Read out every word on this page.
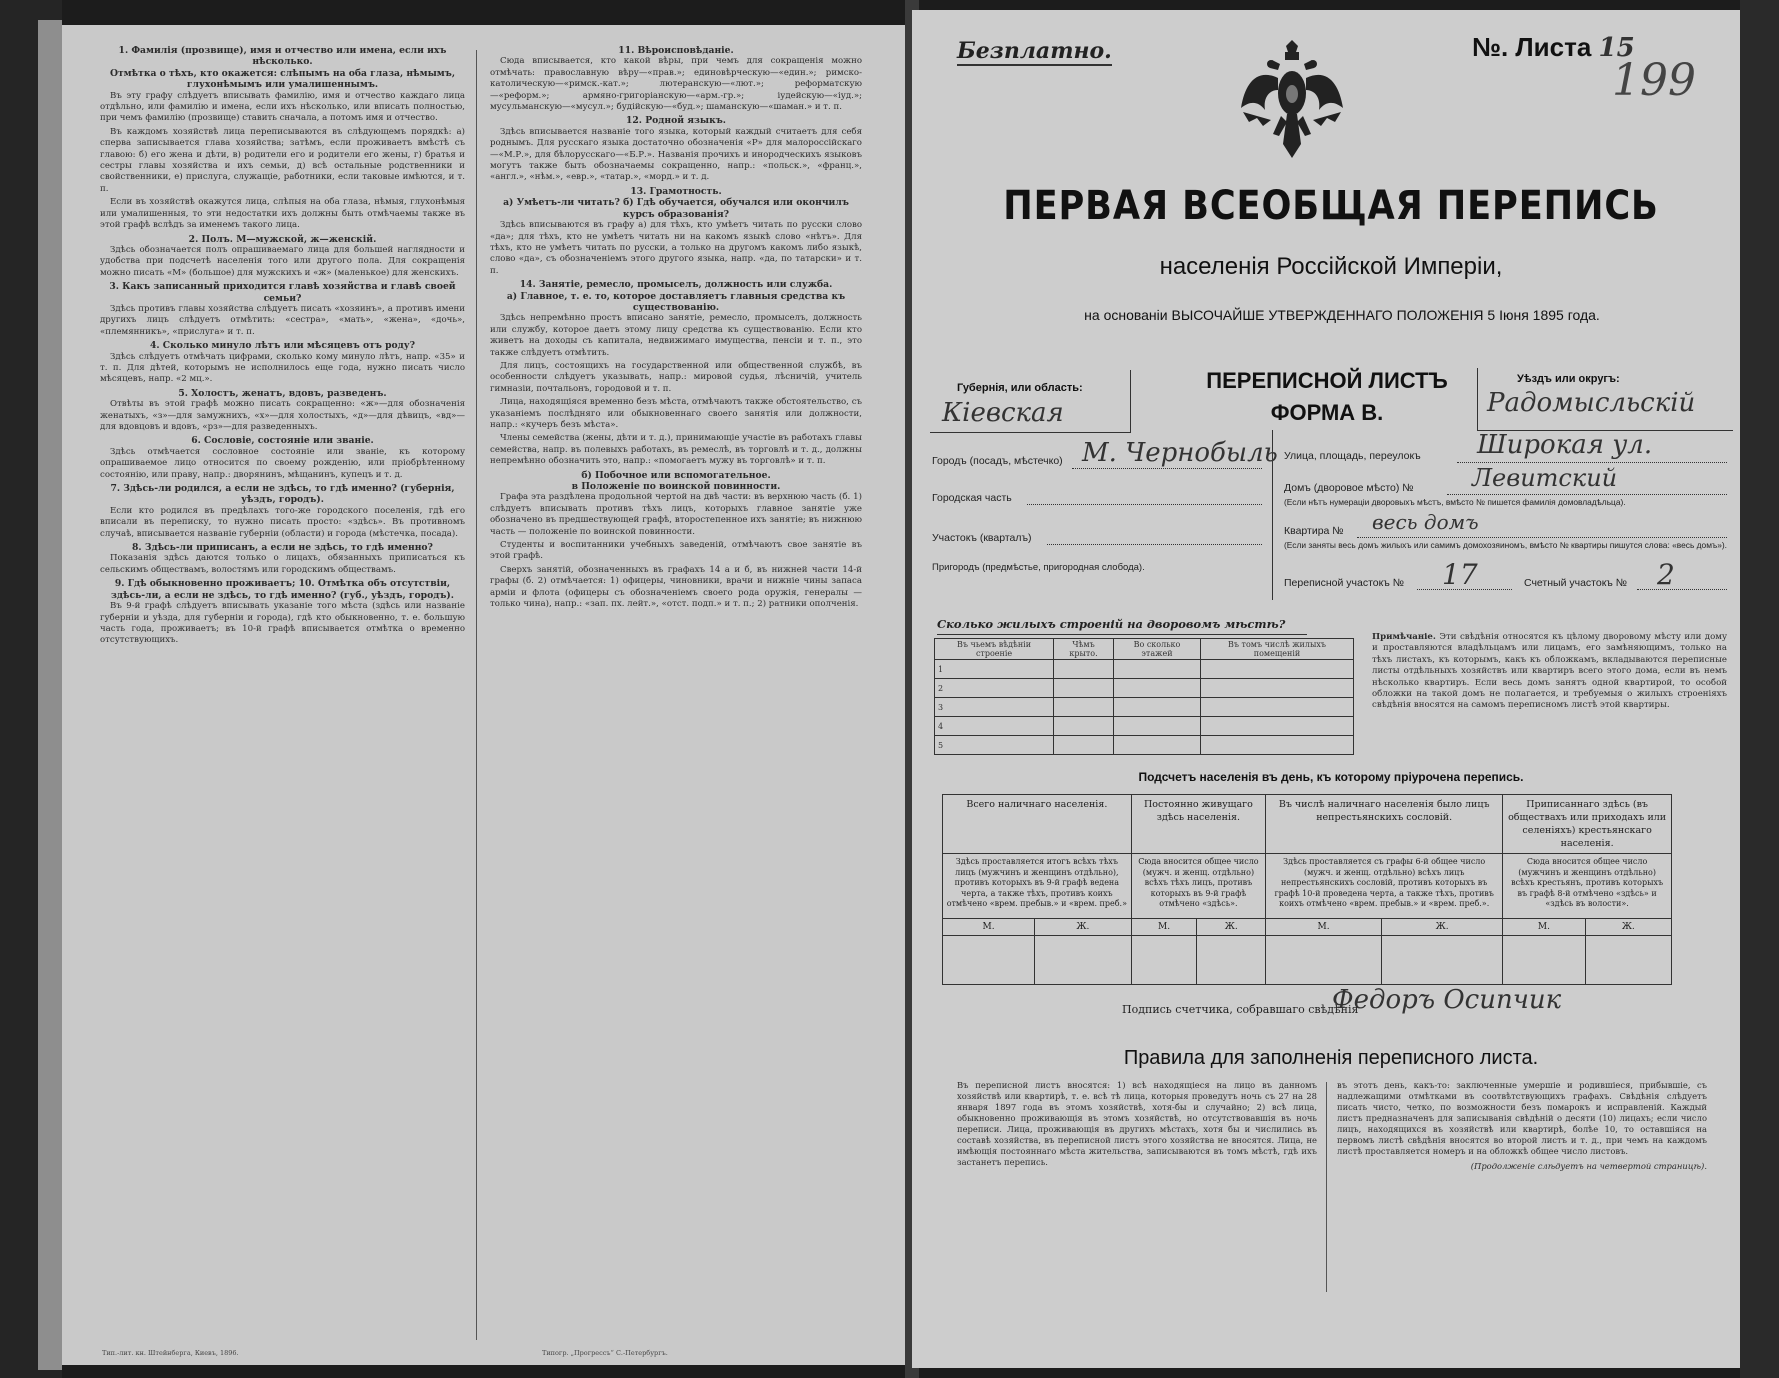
1. Фамилія (прозвище), имя и отчество или имена, если ихъ нѣсколько.
Отмѣтка о тѣхъ, кто окажется: слѣпымъ на оба глаза, нѣмымъ, глухонѣмымъ или умалишеннымъ.

Въ эту графу слѣдуетъ вписывать фамилію, имя и отчество каждаго лица отдѣльно, или фамилію и имена, если ихъ нѣсколько, или вписать полностью, при чемъ фамилію (прозвище) ставить сначала, а потомъ имя и отчество.

Въ каждомъ хозяйствѣ лица переписываются въ слѣдующемъ порядкѣ: а) сперва записывается глава хозяйства; затѣмъ, если проживаетъ вмѣстѣ съ главою: б) его жена и дѣти, в) родители его и родители его жены, г) братья и сестры главы хозяйства и ихъ семьи, д) всѣ остальные родственники и свойственники, е) прислуга, служащіе, работники, если таковые имѣются, и т. п.

Если въ хозяйствѣ окажутся лица, слѣпыя на оба глаза, нѣмыя, глухонѣмыя или умалишенныя, то эти недостатки ихъ должны быть отмѣчаемы также въ этой графѣ вслѣдъ за именемъ такого лица.

2. Полъ. М—мужской, ж—женскій.

Здѣсь обозначается полъ опрашиваемаго лица для большей наглядности и удобства при подсчетѣ населенія того или другого пола. Для сокращенія можно писать «М» (большое) для мужскихъ и «ж» (маленькое) для женскихъ.

3. Какъ записанный приходится главѣ хозяйства и главѣ своей семьи?

Здѣсь противъ главы хозяйства слѣдуетъ писать «хозяинъ», а противъ имени другихъ лицъ слѣдуетъ отмѣтить: «сестра», «мать», «жена», «дочь», «племянникъ», «прислуга» и т. п.

4. Сколько минуло лѣтъ или мѣсяцевъ отъ роду?

Здѣсь слѣдуетъ отмѣчать цифрами, сколько кому минуло лѣтъ, напр. «35» и т. п. Для дѣтей, которымъ не исполнилось еще года, нужно писать число мѣсяцевъ, напр. «2 мц.».

5. Холостъ, женатъ, вдовъ, разведенъ.

Отвѣты въ этой графѣ можно писать сокращенно: «ж»—для обозначенія женатыхъ, «з»—для замужнихъ, «х»—для холостыхъ, «д»—для дѣвицъ, «вд»—для вдовцовъ и вдовъ, «рз»—для разведенныхъ.

6. Сословіе, состояніе или званіе.

Здѣсь отмѣчается сословное состояніе или званіе, къ которому опрашиваемое лицо относится по своему рожденію, или пріобрѣтенному состоянію, или праву, напр.: дворянинъ, мѣщанинъ, купецъ и т. д.

7. Здѣсь-ли родился, а если не здѣсь, то гдѣ именно? (губернія, уѣздъ, городъ).

Если кто родился въ предѣлахъ того-же городского поселенія, гдѣ его вписали въ переписку, то нужно писать просто: «здѣсь». Въ противномъ случаѣ, вписывается названіе губерніи (области) и города (мѣстечка, посада).

8. Здѣсь-ли приписанъ, а если не здѣсь, то гдѣ именно?

Показанія здѣсь даются только о лицахъ, обязанныхъ приписаться къ сельскимъ обществамъ, волостямъ или городскимъ обществамъ.

9. Гдѣ обыкновенно проживаетъ; 10. Отмѣтка объ отсутствіи, здѣсь-ли, а если не здѣсь, то гдѣ именно? (губ., уѣздъ, городъ).

Въ 9-й графѣ слѣдуетъ вписывать указаніе того мѣста (здѣсь или названіе губерніи и уѣзда, для губерніи и города), гдѣ кто обыкновенно, т. е. большую часть года, проживаетъ; въ 10-й графѣ вписывается отмѣтка о временно отсутствующихъ.

11. Вѣроисповѣданіе.

Сюда вписывается, кто какой вѣры, при чемъ для сокращенія можно отмѣчать: православную вѣру—«прав.»; единовѣрческую—«един.»; римско-католическую—«римск.-кат.»; лютеранскую—«лют.»; реформатскую—«реформ.»; армяно-григоріанскую—«арм.-гр.»; іудейскую—«іуд.»; мусульманскую—«мусул.»; будійскую—«буд.»; шаманскую—«шаман.» и т. п.

12. Родной языкъ.

Здѣсь вписывается названіе того языка, который каждый считаетъ для себя роднымъ. Для русскаго языка достаточно обозначенія «Р» для малороссійскаго—«М.Р.», для бѣлорусскаго—«Б.Р.». Названія прочихъ и инородческихъ языковъ могутъ также быть обозначаемы сокращенно, напр.: «польск.», «франц.», «англ.», «нѣм.», «евр.», «татар.», «морд.» и т. д.

13. Грамотность.
а) Умѣетъ-ли читать? б) Гдѣ обучается, обучался или окончилъ курсъ образованія?

Здѣсь вписываются въ графу а) для тѣхъ, кто умѣетъ читать по русски слово «да»; для тѣхъ, кто не умѣетъ читать ни на какомъ языкѣ слово «нѣтъ». Для тѣхъ, кто не умѣетъ читать по русски, а только на другомъ какомъ либо языкѣ, слово «да», съ обозначеніемъ этого другого языка, напр. «да, по татарски» и т. п.

14. Занятіе, ремесло, промыселъ, должность или служба.
а) Главное, т. е. то, которое доставляетъ главныя средства къ существованію.

Здѣсь непремѣнно простъ вписано занятіе, ремесло, промыселъ, должность или службу, которое даетъ этому лицу средства къ существованію. Если кто живетъ на доходы съ капитала, недвижимаго имущества, пенсіи и т. п., это также слѣдуетъ отмѣтить.

Для лицъ, состоящихъ на государственной или общественной службѣ, въ особенности слѣдуетъ указывать, напр.: мировой судья, лѣсничій, учитель гимназіи, почтальонъ, городовой и т. п.

Лица, находящіяся временно безъ мѣста, отмѣчаютъ также обстоятельство, съ указаніемъ послѣдняго или обыкновеннаго своего занятія или должности, напр.: «кучеръ безъ мѣста».

Члены семейства (жены, дѣти и т. д.), принимающіе участіе въ работахъ главы семейства, напр. въ полевыхъ работахъ, въ ремеслѣ, въ торговлѣ и т. д., должны непремѣнно обозначить это, напр.: «помогаетъ мужу въ торговлѣ» и т. п.

б) Побочное или вспомогательное.
в Положеніе по воинской повинности.

Графа эта раздѣлена продольной чертой на двѣ части: въ верхнюю часть (б. 1) слѣдуетъ вписывать противъ тѣхъ лицъ, которыхъ главное занятіе уже обозначено въ предшествующей графѣ, второстепенное ихъ занятіе; въ нижнюю часть — положеніе по воинской повинности.

Студенты и воспитанники учебныхъ заведеній, отмѣчаютъ свое занятіе въ этой графѣ.

Сверхъ занятій, обозначенныхъ въ графахъ 14 а и б, въ нижней части 14-й графы (б. 2) отмѣчается: 1) офицеры, чиновники, врачи и нижніе чины запаса арміи и флота (офицеры съ обозначеніемъ своего рода оружія, генералы — только чина), напр.: «зап. пх. лейт.», «отст. подп.» и т. п.; 2) ратники ополченія.

Тип.-лит. кн. Штейнберга, Киевъ, 1896.	Типогр. „Прогрессъ“ С.-Петербургъ.
Безплатно.	№. Листа 15
199
ПЕРВАЯ ВСЕОБЩАЯ ПЕРЕПИСЬ
населенія Россійской Имперіи,
на основаніи ВЫСОЧАЙШЕ УТВЕРЖДЕННАГО ПОЛОЖЕНІЯ 5 Іюня 1895 года.
Губернія, или область:
Кіевская
ПЕРЕПИСНОЙ ЛИСТЪ
ФОРМА В.
Уѣздъ или округъ:
Радомысльскій
Городъ (посадъ, мѣстечко) М. Чернобыль
Городская часть
Участокъ (кварталъ)
Пригородъ (предмѣстье, пригородная слобода).
Улица, площадь, переулокъ Широкая ул.
Домъ (дворовое мѣсто) № Левитский
(Если нѣтъ нумераціи дворовыхъ мѣстъ, вмѣсто № пишется фамилія домовладѣльца).
Квартира № весь домъ
(Если заняты весь домъ жилыхъ или самимъ домохозяиномъ, вмѣсто № квартиры пишутся слова: «весь домъ»).
Переписной участокъ № 17	Счетный участокъ № 2
Сколько жилыхъ строеній на дворовомъ мѣстѣ?
Въ чьемъ вѣдѣніи строеніе	Чѣмъ крыто.	Во сколько этажей	Въ томъ числѣ жилыхъ помещеній
1			
2			
3			
4			
5			
Примѣчаніе. Эти свѣдѣнія относятся къ цѣлому дворовому мѣсту или дому и проставляются владѣльцамъ или лицамъ, его замѣняющимъ, только на тѣхъ листахъ, къ которымъ, какъ къ обложкамъ, вкладываются переписные листы отдѣльныхъ хозяйствъ или квартиръ всего этого дома, если въ немъ нѣсколько квартиръ. Если весь домъ занятъ одной квартирой, то особой обложки на такой домъ не полагается, и требуемыя о жилыхъ строеніяхъ свѣдѣнія вносятся на самомъ переписномъ листѣ этой квартиры.
Подсчетъ населенія въ день, къ которому пріурочена перепись.
Всего наличнаго населенія.		Постоянно живущаго здѣсь населенія.		Въ числѣ наличнаго населенія было лицъ непрестьянскихъ сословій.		Приписаннаго здѣсь (въ обществахъ или приходахъ или селеніяхъ) крестьянскаго населенія.	
Здѣсь проставляется итогъ всѣхъ тѣхъ лицъ (мужчинъ и женщинъ отдѣльно), противъ которыхъ въ 9-й графѣ ведена черта, а также тѣхъ, противъ коихъ отмѣчено «врем. пребыв.» и «врем. преб.»		Сюда вносится общее число (мужч. и женщ. отдѣльно) всѣхъ тѣхъ лицъ, противъ которыхъ въ 9-й графѣ отмѣчено «здѣсь».		Здѣсь проставляется съ графы 6-й общее число (мужч. и женщ. отдѣльно) всѣхъ лицъ непрестьянскихъ сословій, противъ которыхъ въ графѣ 10-й проведена черта, а также тѣхъ, противъ коихъ отмѣчено «врем. пребыв.» и «врем. преб.».		Сюда вносится общее число (мужчинъ и женщинъ отдѣльно) всѣхъ крестьянъ, противъ которыхъ въ графѣ 8-й отмѣчено «здѣсь» и «здѣсь въ волости».	
М.	Ж.	М.	Ж.	М.	Ж.	М.	Ж.

Подпись счетчика, собравшаго свѣдѣнія
Федоръ Осипчик
Правила для заполненія переписного листа.
Въ переписной листъ вносятся: 1) всѣ находящіеся на лицо въ данномъ хозяйствѣ или квартирѣ, т. е. всѣ тѣ лица, которыя проведутъ ночь съ 27 на 28 января 1897 года въ этомъ хозяйствѣ, хотя-бы и случайно; 2) всѣ лица, обыкновенно проживающія въ этомъ хозяйствѣ, но отсутствовавшія въ ночь переписи. Лица, проживающія въ другихъ мѣстахъ, хотя бы и числились въ составѣ хозяйства, въ переписной листъ этого хозяйства не вносятся. Лица, не имѣющія постояннаго мѣста жительства, записываются въ томъ мѣстѣ, гдѣ ихъ застанетъ перепись.
въ этотъ день, какъ-то: заключенные умершіе и родившіеся, прибывшіе, съ надлежащими отмѣтками въ соотвѣтствующихъ графахъ. Свѣдѣнія слѣдуетъ писать чисто, четко, по возможности безъ помарокъ и исправленій. Каждый листъ предназначенъ для записыванія свѣдѣній о десяти (10) лицахъ; если число лицъ, находящихся въ хозяйствѣ или квартирѣ, болѣе 10, то оставшіяся на первомъ листѣ свѣдѣнія вносятся во второй листъ и т. д., при чемъ на каждомъ листѣ проставляется номеръ и на обложкѣ общее число листовъ.
(Продолженіе слѣдуетъ на четвертой страницѣ).
